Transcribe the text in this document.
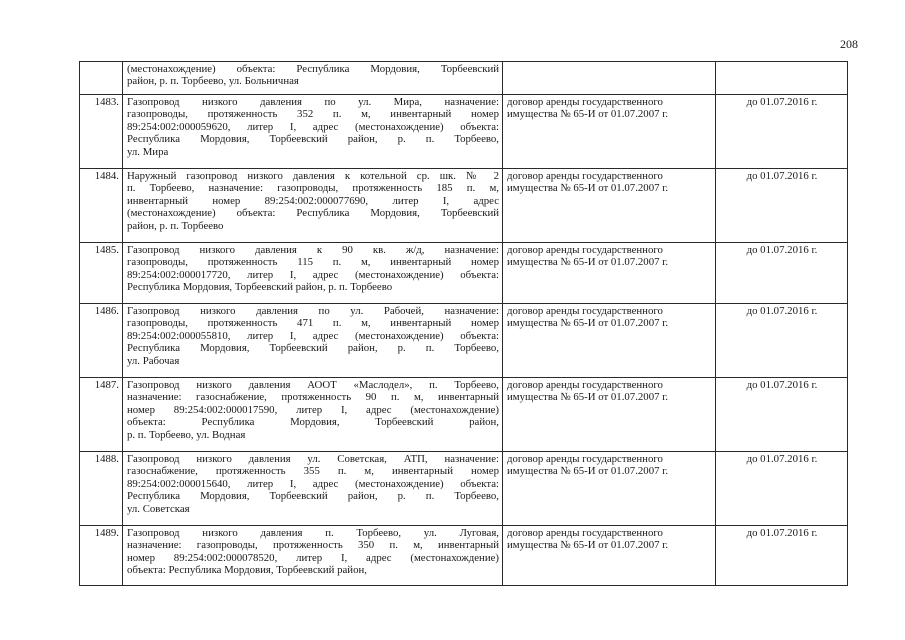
208

	(местонахождение) объекта: Республика Мордовия, Торбеевский
район, р. п. Торбеево, ул. Больничная		

1483.	Газопровод низкого давления по ул. Мира, назначение:
газопроводы, протяженность 352 п. м, инвентарный номер
89:254:002:000059620, литер I, адрес (местонахождение) объекта:
Республика Мордовия, Торбеевский район, р. п. Торбеево,
ул. Мира	договор аренды государственного
имущества № 65-И от 01.07.2007 г.	до 01.07.2016 г.
1484.	Наружный газопровод низкого давления к котельной ср. шк. № 2
п. Торбеево, назначение: газопроводы, протяженность 185 п. м,
инвентарный номер 89:254:002:000077690, литер I, адрес
(местонахождение) объекта: Республика Мордовия, Торбеевский
район, р. п. Торбеево	договор аренды государственного
имущества № 65-И от 01.07.2007 г.	до 01.07.2016 г.
1485.	Газопровод низкого давления к 90 кв. ж/д, назначение:
газопроводы, протяженность 115 п. м, инвентарный номер
89:254:002:000017720, литер I, адрес (местонахождение) объекта:
Республика Мордовия, Торбеевский район, р. п. Торбеево	договор аренды государственного
имущества № 65-И от 01.07.2007 г.	до 01.07.2016 г.
1486.	Газопровод низкого давления по ул. Рабочей, назначение:
газопроводы, протяженность 471 п. м, инвентарный номер
89:254:002:000055810, литер I, адрес (местонахождение) объекта:
Республика Мордовия, Торбеевский район, р. п. Торбеево,
ул. Рабочая	договор аренды государственного
имущества № 65-И от 01.07.2007 г.	до 01.07.2016 г.
1487.	Газопровод низкого давления АООТ «Маслодел», п. Торбеево,
назначение: газоснабжение, протяженность 90 п. м, инвентарный
номер 89:254:002:000017590, литер I, адрес (местонахождение)
объекта: Республика Мордовия, Торбеевский район,
р. п. Торбеево, ул. Водная	договор аренды государственного
имущества № 65-И от 01.07.2007 г.	до 01.07.2016 г.
1488.	Газопровод низкого давления ул. Советская, АТП, назначение:
газоснабжение, протяженность 355 п. м, инвентарный номер
89:254:002:000015640, литер I, адрес (местонахождение) объекта:
Республика Мордовия, Торбеевский район, р. п. Торбеево,
ул. Советская	договор аренды государственного
имущества № 65-И от 01.07.2007 г.	до 01.07.2016 г.
1489.	Газопровод низкого давления п. Торбеево, ул. Луговая,
назначение: газопроводы, протяженность 350 п. м, инвентарный
номер 89:254:002:000078520, литер I, адрес (местонахождение)
объекта: Республика Мордовия, Торбеевский район,	договор аренды государственного
имущества № 65-И от 01.07.2007 г.	до 01.07.2016 г.
